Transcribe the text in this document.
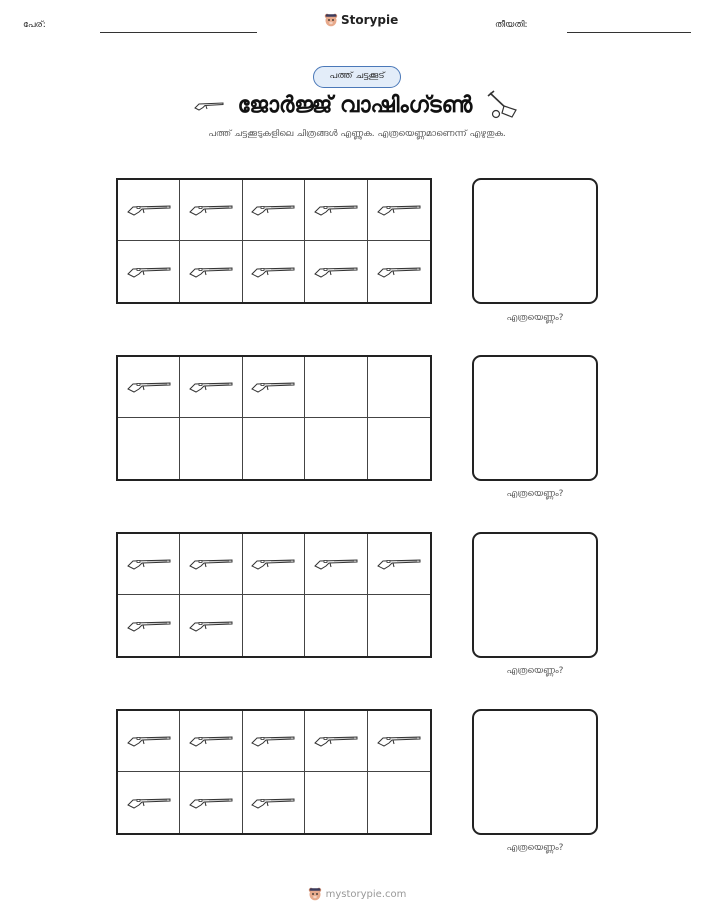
പേര്:	Storypie	തീയതി:
പത്ത് ചട്ടക്കൂട്
ജോർജ്ജ് വാഷിംഗ്ടൺ
പത്ത് ചട്ടക്കൂടുകളിലെ ചിത്രങ്ങൾ എണ്ണുക. എത്രയെണ്ണമാണെന്ന് എഴുതുക.
എത്രയെണ്ണം?
എത്രയെണ്ണം?
എത്രയെണ്ണം?
എത്രയെണ്ണം?
mystorypie.com
